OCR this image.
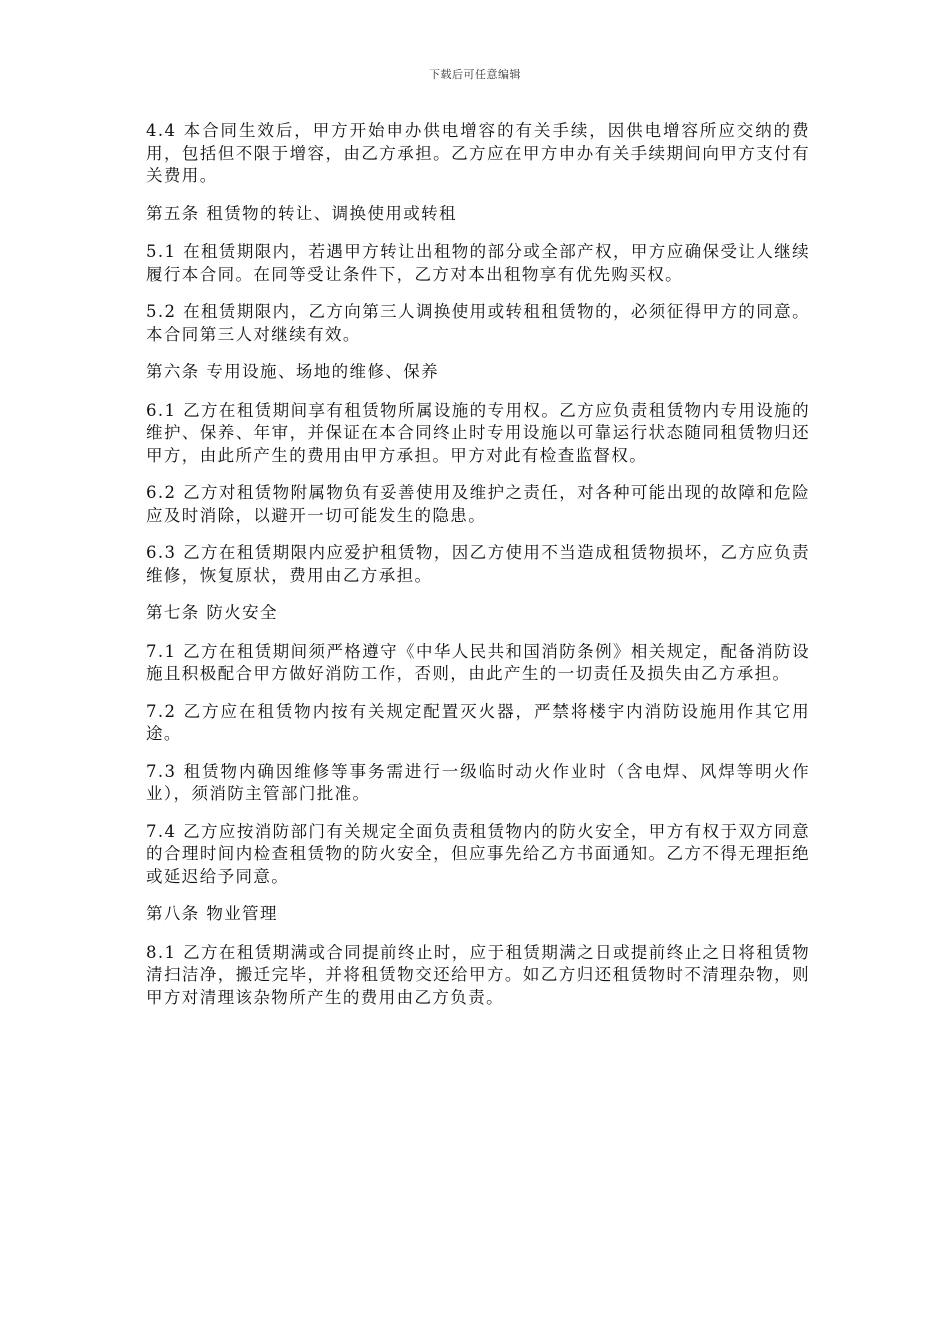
下载后可任意编辑

4.4 本合同生效后，甲方开始申办供电增容的有关手续，因供电增容所应交纳的费用，包括但不限于增容，由乙方承担。乙方应在甲方申办有关手续期间向甲方支付有关费用。

第五条 租赁物的转让、调换使用或转租

5.1 在租赁期限内，若遇甲方转让出租物的部分或全部产权，甲方应确保受让人继续履行本合同。在同等受让条件下，乙方对本出租物享有优先购买权。

5.2 在租赁期限内，乙方向第三人调换使用或转租租赁物的，必须征得甲方的同意。本合同第三人对继续有效。

第六条 专用设施、场地的维修、保养

6.1 乙方在租赁期间享有租赁物所属设施的专用权。乙方应负责租赁物内专用设施的维护、保养、年审，并保证在本合同终止时专用设施以可靠运行状态随同租赁物归还甲方，由此所产生的费用由甲方承担。甲方对此有检查监督权。

6.2 乙方对租赁物附属物负有妥善使用及维护之责任，对各种可能出现的故障和危险应及时消除，以避开一切可能发生的隐患。

6.3 乙方在租赁期限内应爱护租赁物，因乙方使用不当造成租赁物损坏，乙方应负责维修，恢复原状，费用由乙方承担。

第七条 防火安全

7.1 乙方在租赁期间须严格遵守《中华人民共和国消防条例》相关规定，配备消防设施且积极配合甲方做好消防工作，否则，由此产生的一切责任及损失由乙方承担。

7.2 乙方应在租赁物内按有关规定配置灭火器，严禁将楼宇内消防设施用作其它用途。

7.3 租赁物内确因维修等事务需进行一级临时动火作业时（含电焊、风焊等明火作业），须消防主管部门批准。

7.4 乙方应按消防部门有关规定全面负责租赁物内的防火安全，甲方有权于双方同意的合理时间内检查租赁物的防火安全，但应事先给乙方书面通知。乙方不得无理拒绝或延迟给予同意。

第八条 物业管理

8.1 乙方在租赁期满或合同提前终止时，应于租赁期满之日或提前终止之日将租赁物清扫洁净，搬迁完毕，并将租赁物交还给甲方。如乙方归还租赁物时不清理杂物，则甲方对清理该杂物所产生的费用由乙方负责。
